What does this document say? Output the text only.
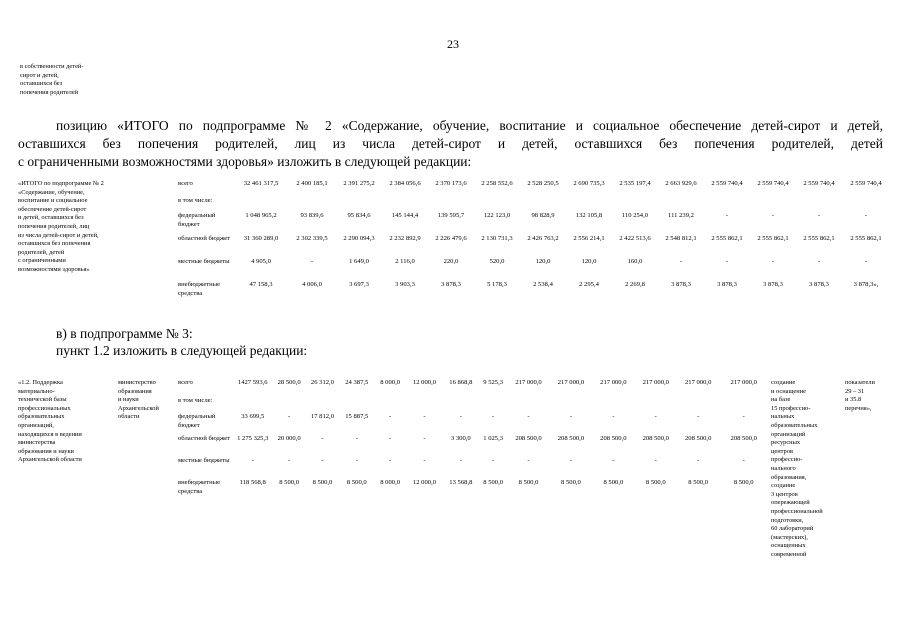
23
в собственности детей-
сирот и детей,
оставшихся без
попечения родителей
позицию «ИТОГО по подпрограмме № 2 «Содержание, обучение, воспитание и социальное обеспечение детей-сирот и детей,
оставшихся без попечения родителей, лиц из числа детей-сирот и детей, оставшихся без попечения родителей, детей
с ограниченными возможностями здоровья» изложить в следующей редакции:
«ИТОГО по подпрограмме № 2
«Содержание, обучение,
воспитание и социальное
обеспечение детей-сирот
и детей, оставшихся без
попечения родителей, лиц
из числа детей-сирот и детей,
оставшихся без попечения
родителей, детей
с ограниченными
возможностями здоровья»
всего	32 461 317,5	2 400 185,1	2 391 275,2	2 384 056,6	2 370 173,6	2 258 552,6	2 528 250,5	2 690 735,3	2 535 197,4	2 663 929,6	2 559 740,4	2 559 740,4	2 559 740,4	2 559 740,4
в том числе:														
федеральный бюджет	1 048 965,2	93 839,6	95 834,6	145 144,4	139 595,7	122 123,0	98 828,9	132 105,8	110 254,0	111 239,2	-	-	-	-
областной бюджет	31 360 289,0	2 302 339,5	2 290 094,3	2 232 892,9	2 226 479,6	2 130 731,3	2 426 763,2	2 556 214,1	2 422 513,6	2 548 812,1	2 555 862,1	2 555 862,1	2 555 862,1	2 555 862,1
местные бюджеты	4 905,0	-	1 649,0	2 116,0	220,0	520,0	120,0	120,0	160,0	-	-	-	-	-
внебюджетные средства	47 158,3	4 006,0	3 697,3	3 903,3	3 878,3	5 178,3	2 538,4	2 295,4	2 269,8	3 878,3	3 878,3	3 878,3	3 878,3	3 878,3»,
в) в подпрограмме № 3:
пункт 1.2 изложить в следующей редакции:
«1.2. Поддержка
материально-
технической базы
профессиональных
образовательных
организаций,
находящихся в ведении
министерства
образования и науки
Архангельской области
министерство
образования
и науки
Архангельской
области
всего	1427 593,6	28 500,0	26 312,0	24 387,5	8 000,0	12 000,0	16 868,8	9 525,3	217 000,0	217 000,0	217 000,0	217 000,0	217 000,0	217 000,0
в том числе:														
федеральный бюджет	33 699,5	-	17 812,0	15 887,5	-	-	-	-	-	-	-	-	-	-
областной бюджет	1 275 325,3	20 000,0	-	-	-	-	3 300,0	1 025,3	208 500,0	208 500,0	208 500,0	208 500,0	208 500,0	208 500,0
местные бюджеты	-	-	-	-	-	-	-	-	-	-	-	-	-	-
внебюджетные средства	118 568,8	8 500,0	8 500,0	8 500,0	8 000,0	12 000,0	13 568,8	8 500,0	8 500,0	8 500,0	8 500,0	8 500,0	8 500,0	8 500,0
создание
и оснащение
на базе
15 професcио-
нальных
образовательных
организаций
ресурсных
центров
профессио-
нального
образования,
создание
3 центров
опережающей
профессиональной
подготовки,
60 лабораторий
(мастерских),
оснащенных
современной
показатели
29 – 31
и 35.8
перечня»,
